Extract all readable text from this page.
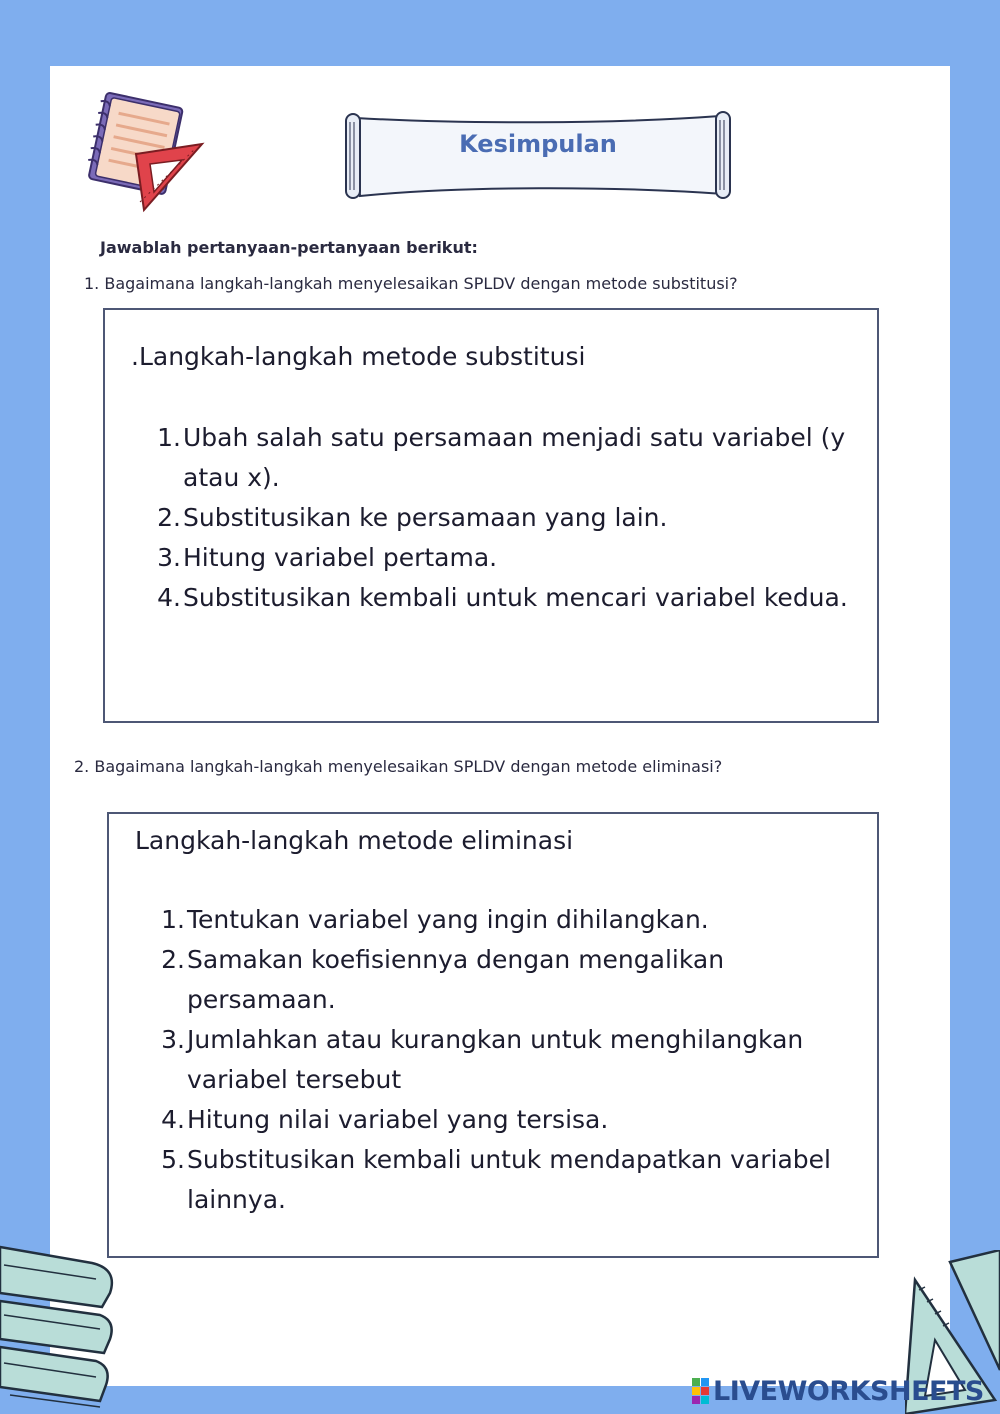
Kesimpulan
Jawablah pertanyaan-pertanyaan berikut:
1. Bagaimana langkah-langkah menyelesaikan SPLDV dengan metode substitusi?
.Langkah-langkah metode substitusi
1. Ubah salah satu persamaan menjadi satu variabel (y atau x).
2. Substitusikan ke persamaan yang lain.
3. Hitung variabel pertama.
4. Substitusikan kembali untuk mencari variabel kedua.
2. Bagaimana langkah-langkah menyelesaikan SPLDV dengan metode eliminasi?
Langkah-langkah metode eliminasi
1. Tentukan variabel yang ingin dihilangkan.
2. Samakan koefisiennya dengan mengalikan persamaan.
3. Jumlahkan atau kurangkan untuk menghilangkan variabel tersebut
4. Hitung nilai variabel yang tersisa.
5. Substitusikan kembali untuk mendapatkan variabel lainnya.
LIVEWORKSHEETS
